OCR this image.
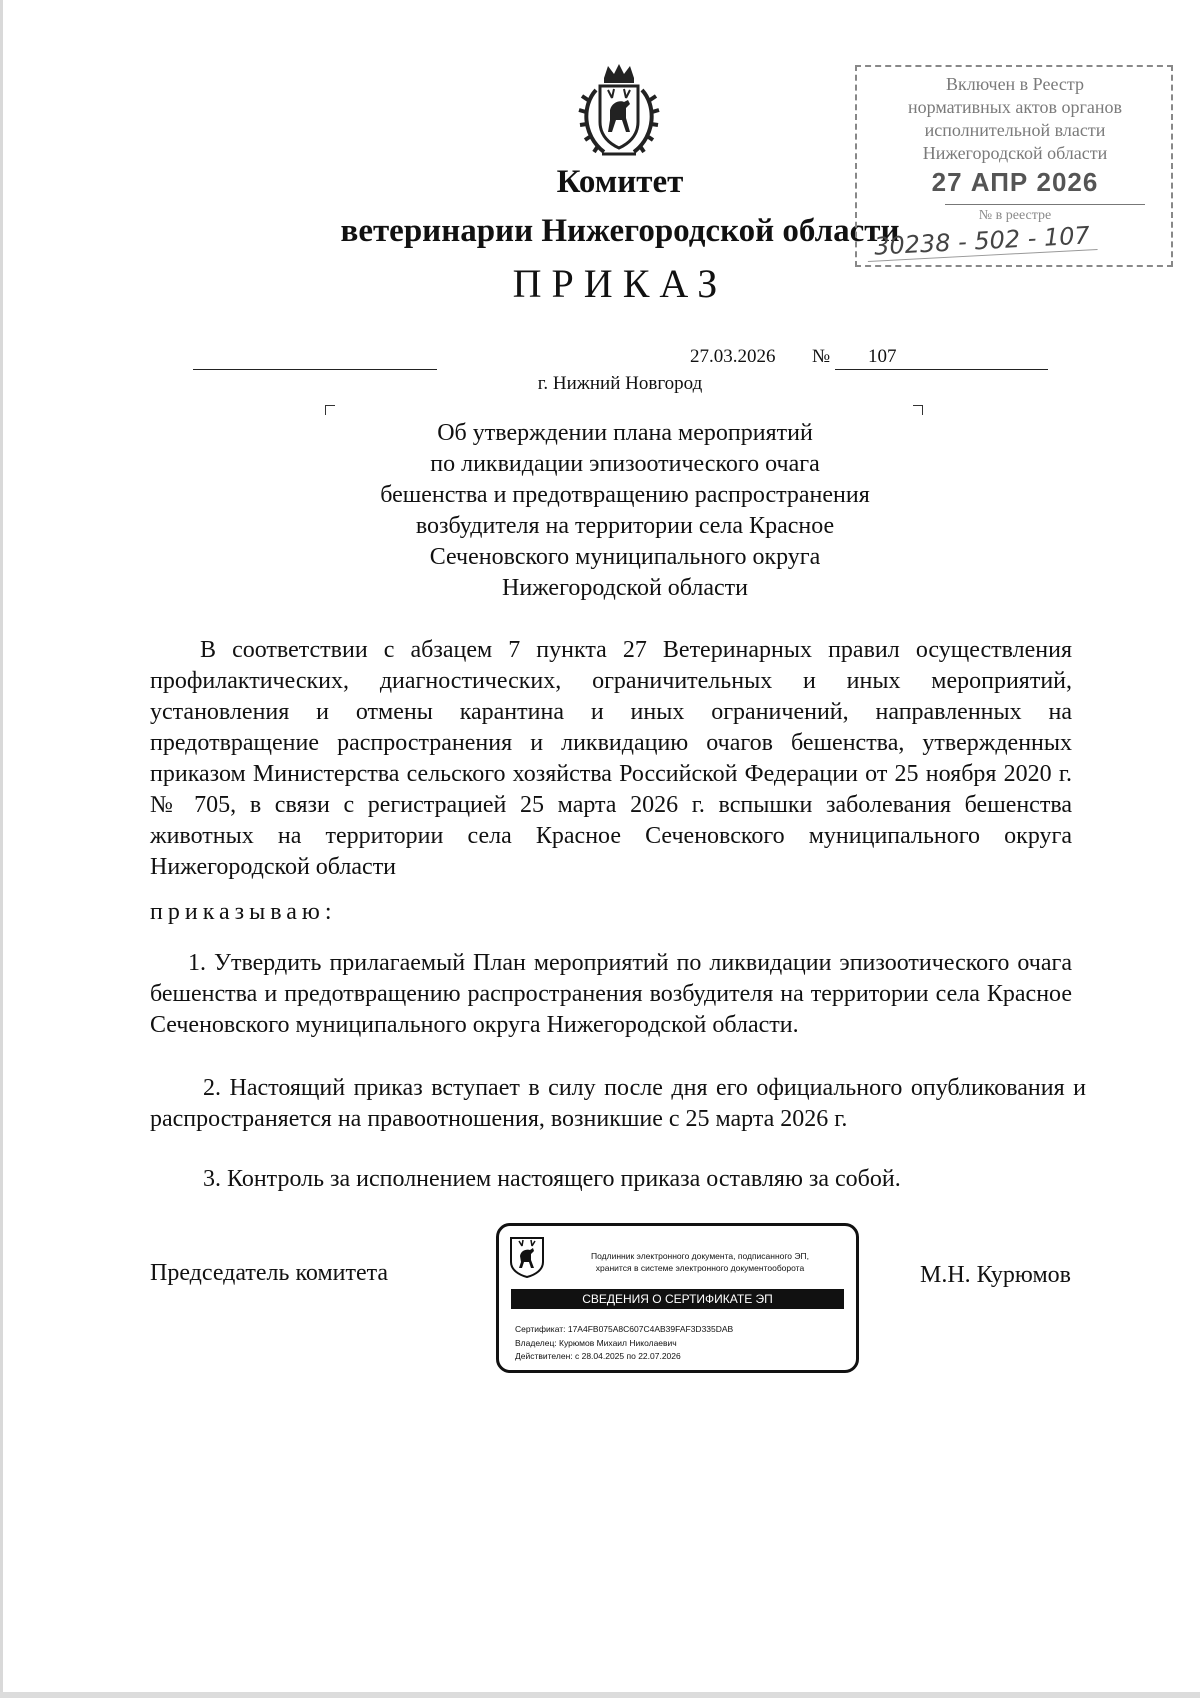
Комитет
ветеринарии Нижегородской области
ПРИКАЗ
Включен в Реестр
нормативных актов органов
исполнительной власти
Нижегородской области
27 АПР 2026
№ в реестре
30238 - 502 - 107
27.03.2026 № 107
г. Нижний Новгород
Об утверждении плана мероприятий
по ликвидации эпизоотического очага
бешенства и предотвращению распространения
возбудителя на территории села Красное
Сеченовского муниципального округа
Нижегородской области
В соответствии с абзацем 7 пункта 27 Ветеринарных правил осуществления профилактических, диагностических, ограничительных и иных мероприятий, установления и отмены карантина и иных ограничений, направленных на предотвращение распространения и ликвидацию очагов бешенства, утвержденных приказом Министерства сельского хозяйства Российской Федерации от 25 ноября 2020 г. № 705, в связи с регистрацией 25 марта 2026 г. вспышки заболевания бешенства животных на территории села Красное Сеченовского муниципального округа Нижегородской области
приказываю:
1. Утвердить прилагаемый План мероприятий по ликвидации эпизоотического очага бешенства и предотвращению распространения возбудителя на территории села Красное Сеченовского муниципального округа Нижегородской области.
2. Настоящий приказ вступает в силу после дня его официального опубликования и распространяется на правоотношения, возникшие с 25 марта 2026 г.
3. Контроль за исполнением настоящего приказа оставляю за собой.
Председатель комитета	М.Н. Курюмов
Подлинник электронного документа, подписанного ЭП,
хранится в системе электронного документооборота
СВЕДЕНИЯ О СЕРТИФИКАТЕ ЭП
Сертификат: 17A4FB075A8C607C4AB39FAF3D335DAB
Владелец: Курюмов Михаил Николаевич
Действителен: с 28.04.2025 по 22.07.2026
